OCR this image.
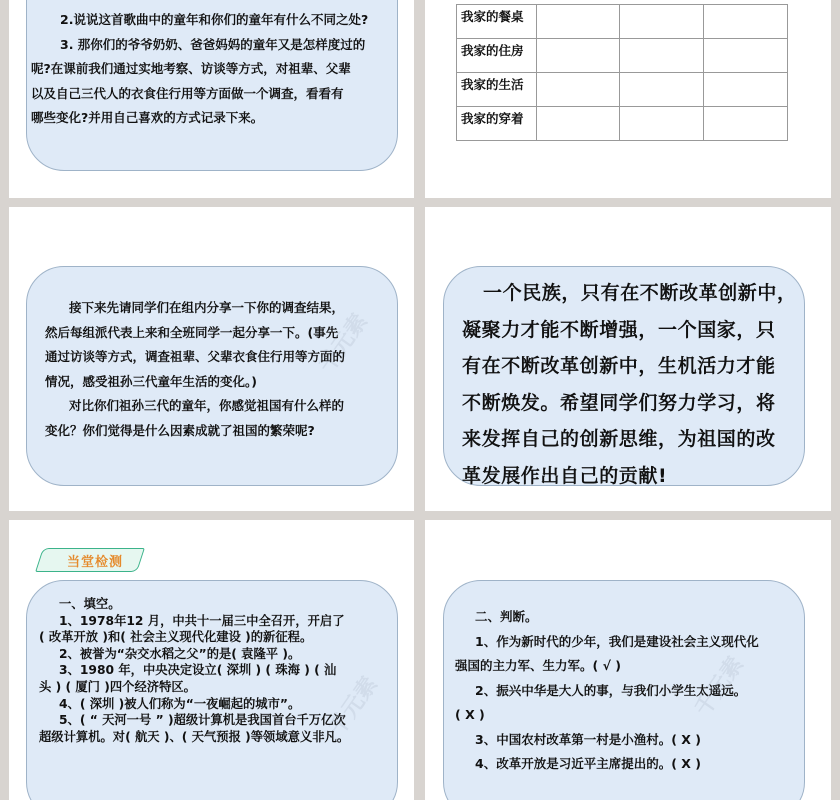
2.说说这首歌曲中的童年和你们的童年有什么不同之处?
3. 那你们的爷爷奶奶、爸爸妈妈的童年又是怎样度过的
呢?在课前我们通过实地考察、访谈等方式，对祖辈、父辈
以及自己三代人的衣食住行用等方面做一个调查，看看有
哪些变化?并用自己喜欢的方式记录下来。
我家的餐桌			
我家的住房			
我家的生活			
我家的穿着			
接下来先请同学们在组内分享一下你的调查结果，
然后每组派代表上来和全班同学一起分享一下。(事先
通过访谈等方式，调查祖辈、父辈衣食住行用等方面的
情况，感受祖孙三代童年生活的变化。)
对比你们祖孙三代的童年，你感觉祖国有什么样的
变化？你们觉得是什么因素成就了祖国的繁荣呢?
一个民族，只有在不断改革创新中，
凝聚力才能不断增强，一个国家，只
有在不断改革创新中，生机活力才能
不断焕发。希望同学们努力学习，将
来发挥自己的创新思维，为祖国的改
革发展作出自己的贡献!
当堂检测
一、填空。
1、1978年12 月，中共十一届三中全召开，开启了
( 改革开放 )和( 社会主义现代化建设 )的新征程。
2、被誉为“杂交水稻之父”的是( 袁隆平 )。
3、1980 年，中央决定设立( 深圳 ) ( 珠海 ) ( 汕
头 ) ( 厦门 )四个经济特区。
4、( 深圳 )被人们称为“一夜崛起的城市”。
5、( “ 天河一号 ” )超级计算机是我国首台千万亿次
超级计算机。对( 航天 )、( 天气预报 )等领域意义非凡。
二、判断。
1、作为新时代的少年，我们是建设社会主义现代化
强国的主力军、生力军。( √ )
2、振兴中华是大人的事，与我们小学生太遥远。
( X )
3、中国农村改革第一村是小渔村。( X )
4、改革开放是习近平主席提出的。( X )
